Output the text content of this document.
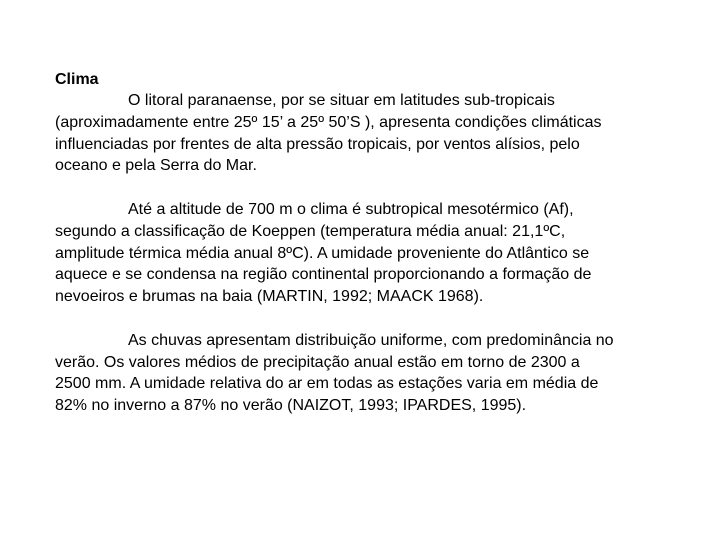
Clima

O litoral paranaense, por se situar em latitudes sub-tropicais
(aproximadamente entre 25º 15’ a 25º 50’S ), apresenta condições climáticas
influenciadas por frentes de alta pressão tropicais, por ventos alísios, pelo
oceano e pela Serra do Mar.

Até a altitude de 700 m o clima é subtropical mesotérmico (Af),
segundo a classificação de Koeppen (temperatura média anual: 21,1ºC,
amplitude térmica média anual 8ºC). A umidade proveniente do Atlântico se
aquece e se condensa na região continental proporcionando a formação de
nevoeiros e brumas na baia (MARTIN, 1992; MAACK 1968).

As chuvas apresentam distribuição uniforme, com predominância no
verão. Os valores médios de precipitação anual estão em torno de 2300 a
2500 mm. A umidade relativa do ar em todas as estações varia em média de
82% no inverno a 87% no verão (NAIZOT, 1993; IPARDES, 1995).
